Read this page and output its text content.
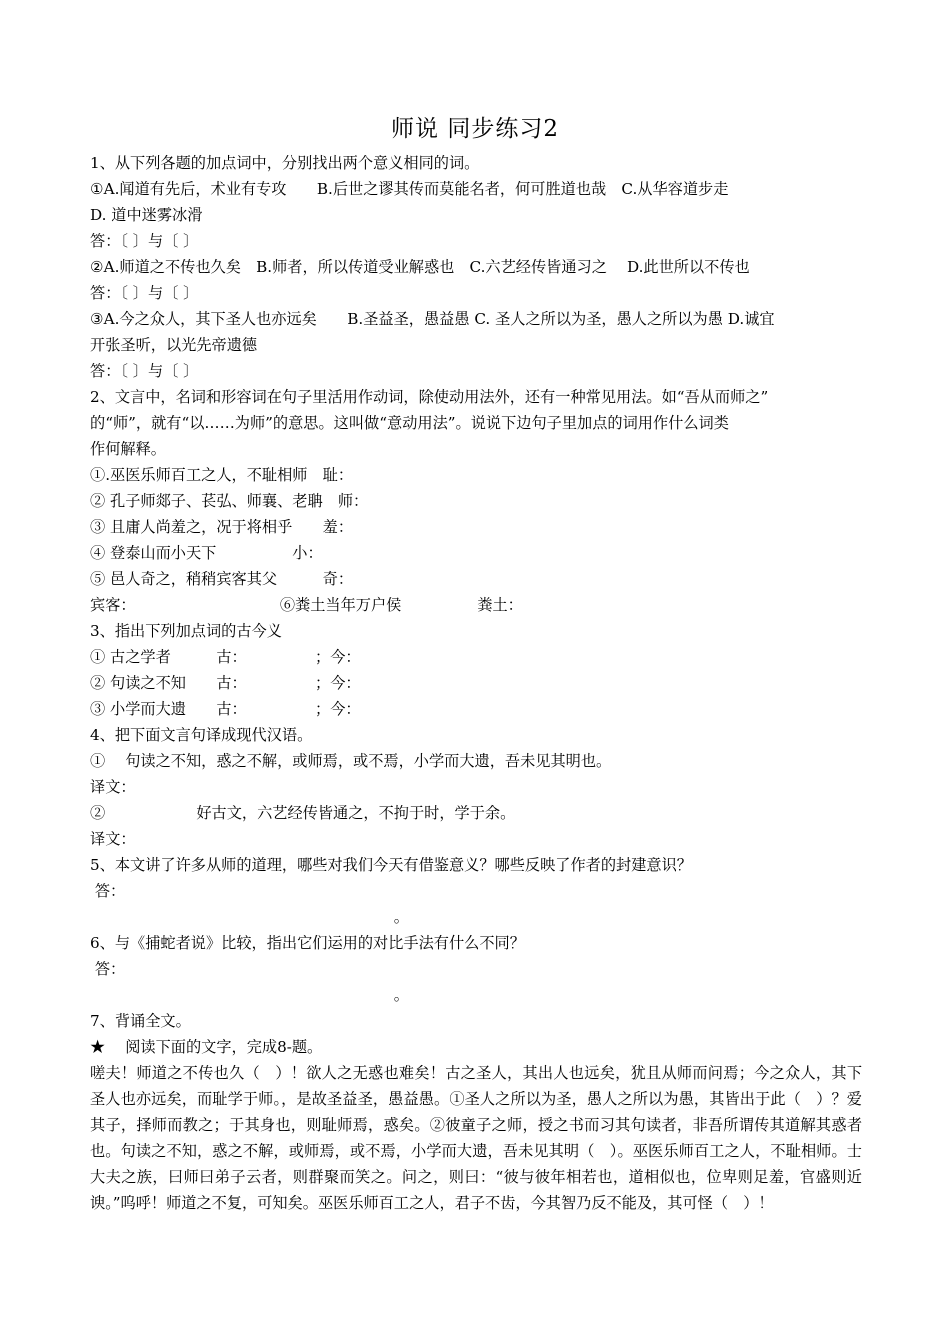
师说 同步练习2

1、从下列各题的加点词中，分别找出两个意义相同的词。

①A.闻道有先后，术业有专攻　　B.后世之谬其传而莫能名者，何可胜道也哉　C.从华容道步走

D. 道中迷雾冰滑

答：〔 〕与〔 〕

②A.师道之不传也久矣　B.师者，所以传道受业解惑也　C.六艺经传皆通习之　 D.此世所以不传也

答：〔 〕与〔 〕

③A.今之众人，其下圣人也亦远矣　　B.圣益圣，愚益愚 C. 圣人之所以为圣，愚人之所以为愚 D.诚宜

开张圣听，以光先帝遗德

答：〔 〕与〔 〕

2、文言中，名词和形容词在句子里活用作动词，除使动用法外，还有一种常见用法。如“吾从而师之”

的“师”，就有“以……为师”的意思。这叫做“意动用法”。说说下边句子里加点的词用作什么词类

作何解释。

①.巫医乐师百工之人，不耻相师　耻：

② 孔子师郯子、苌弘、师襄、老聃　师：

③ 且庸人尚羞之，况于将相乎　　羞：

④ 登泰山而小天下　　　　　小：

⑤ 邑人奇之，稍稍宾客其父　　　奇：

宾客：　　　　　　　　　　⑥粪土当年万户侯　　　　　粪土：

3、指出下列加点词的古今义

① 古之学者　　　古：　　　　　；今：

② 句读之不知　　古：　　　　　；今：

③ 小学而大遗　　古：　　　　　；今：

4、把下面文言句译成现代汉语。

①　 句读之不知，惑之不解，或师焉，或不焉，小学而大遗，吾未见其明也。

译文：

②　　　　　　好古文，六艺经传皆通之，不拘于时，学于余。

译文：

5、本文讲了许多从师的道理，哪些对我们今天有借鉴意义？哪些反映了作者的封建意识？

答：

　　　　　　　　　　　　　　　　　　　　。

6、与《捕蛇者说》比较，指出它们运用的对比手法有什么不同？

答：

　　　　　　　　　　　　　　　　　　　　。

7、背诵全文。

★　 阅读下面的文字，完成8-题。

嗟夫！师道之不传也久（　）！欲人之无惑也难矣！古之圣人，其出人也远矣，犹且从师而问焉；今之众人，其下圣人也亦远矣，而耻学于师。，是故圣益圣，愚益愚。①圣人之所以为圣，愚人之所以为愚，其皆出于此（　）？爱其子，择师而教之；于其身也，则耻师焉，惑矣。②彼童子之师，授之书而习其句读者，非吾所谓传其道解其惑者也。句读之不知，惑之不解，或师焉，或不焉，小学而大遗，吾未见其明（　）。巫医乐师百工之人，不耻相师。士大夫之族，曰师曰弟子云者，则群聚而笑之。问之，则曰：“彼与彼年相若也，道相似也，位卑则足羞，官盛则近谀。”呜呼！师道之不复，可知矣。巫医乐师百工之人，君子不齿，今其智乃反不能及，其可怪（　）！
